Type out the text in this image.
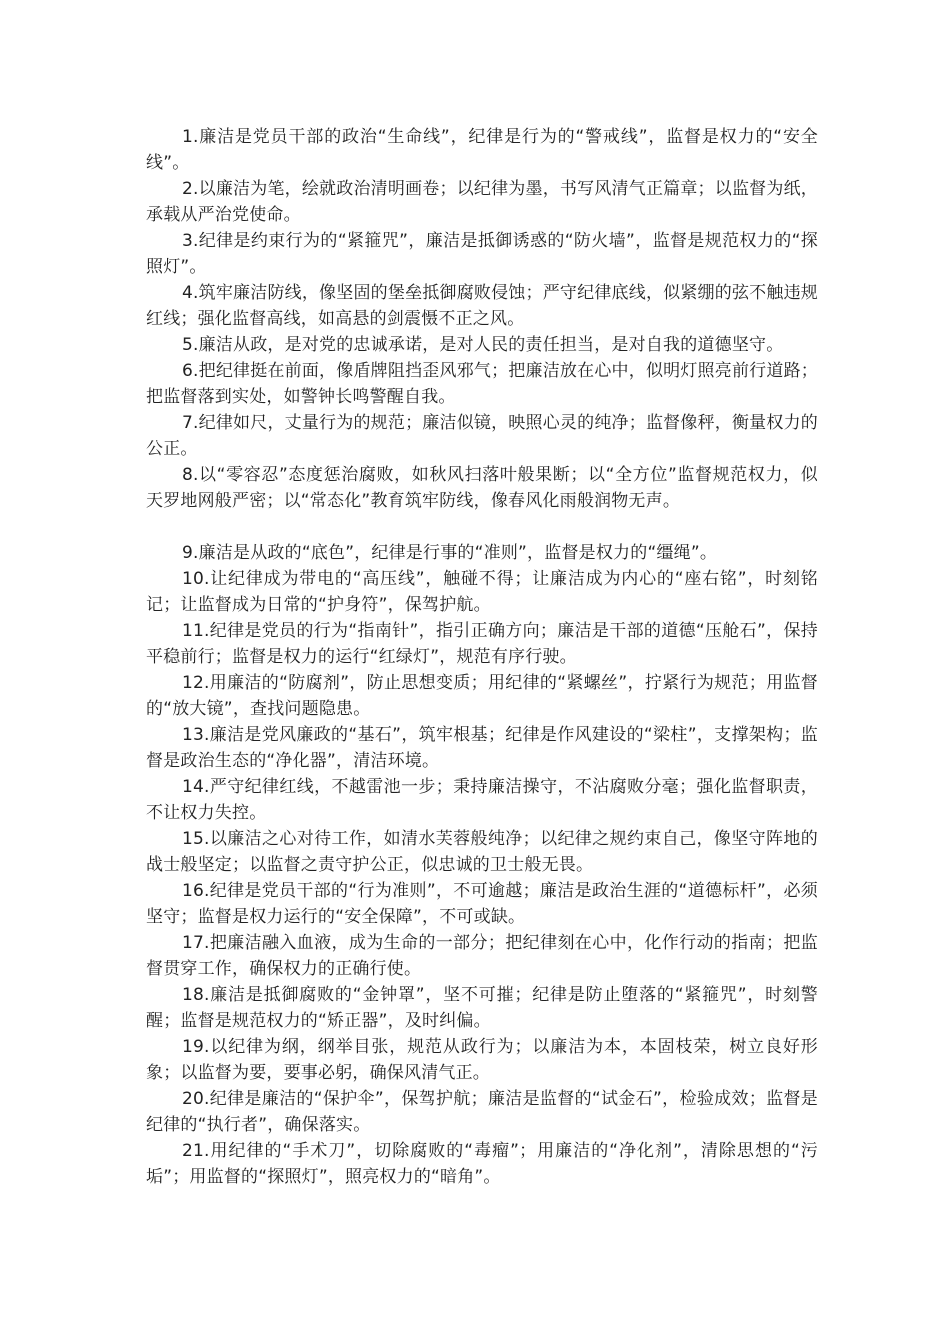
1.廉洁是党员干部的政治“生命线”，纪律是行为的“警戒线”，监督是权力的“安全线”。

2.以廉洁为笔，绘就政治清明画卷；以纪律为墨，书写风清气正篇章；以监督为纸，承载从严治党使命。

3.纪律是约束行为的“紧箍咒”，廉洁是抵御诱惑的“防火墙”，监督是规范权力的“探照灯”。

4.筑牢廉洁防线，像坚固的堡垒抵御腐败侵蚀；严守纪律底线，似紧绷的弦不触违规红线；强化监督高线，如高悬的剑震慑不正之风。

5.廉洁从政，是对党的忠诚承诺，是对人民的责任担当，是对自我的道德坚守。

6.把纪律挺在前面，像盾牌阻挡歪风邪气；把廉洁放在心中，似明灯照亮前行道路；把监督落到实处，如警钟长鸣警醒自我。

7.纪律如尺，丈量行为的规范；廉洁似镜，映照心灵的纯净；监督像秤，衡量权力的公正。

8.以“零容忍”态度惩治腐败，如秋风扫落叶般果断；以“全方位”监督规范权力，似天罗地网般严密；以“常态化”教育筑牢防线，像春风化雨般润物无声。

9.廉洁是从政的“底色”，纪律是行事的“准则”，监督是权力的“缰绳”。

10.让纪律成为带电的“高压线”，触碰不得；让廉洁成为内心的“座右铭”，时刻铭记；让监督成为日常的“护身符”，保驾护航。

11.纪律是党员的行为“指南针”，指引正确方向；廉洁是干部的道德“压舱石”，保持平稳前行；监督是权力的运行“红绿灯”，规范有序行驶。

12.用廉洁的“防腐剂”，防止思想变质；用纪律的“紧螺丝”，拧紧行为规范；用监督的“放大镜”，查找问题隐患。

13.廉洁是党风廉政的“基石”，筑牢根基；纪律是作风建设的“梁柱”，支撑架构；监督是政治生态的“净化器”，清洁环境。

14.严守纪律红线，不越雷池一步；秉持廉洁操守，不沾腐败分毫；强化监督职责，不让权力失控。

15.以廉洁之心对待工作，如清水芙蓉般纯净；以纪律之规约束自己，像坚守阵地的战士般坚定；以监督之责守护公正，似忠诚的卫士般无畏。

16.纪律是党员干部的“行为准则”，不可逾越；廉洁是政治生涯的“道德标杆”，必须坚守；监督是权力运行的“安全保障”，不可或缺。

17.把廉洁融入血液，成为生命的一部分；把纪律刻在心中，化作行动的指南；把监督贯穿工作，确保权力的正确行使。

18.廉洁是抵御腐败的“金钟罩”，坚不可摧；纪律是防止堕落的“紧箍咒”，时刻警醒；监督是规范权力的“矫正器”，及时纠偏。

19.以纪律为纲，纲举目张，规范从政行为；以廉洁为本，本固枝荣，树立良好形象；以监督为要，要事必躬，确保风清气正。

20.纪律是廉洁的“保护伞”，保驾护航；廉洁是监督的“试金石”，检验成效；监督是纪律的“执行者”，确保落实。

21.用纪律的“手术刀”，切除腐败的“毒瘤”；用廉洁的“净化剂”，清除思想的“污垢”；用监督的“探照灯”，照亮权力的“暗角”。
